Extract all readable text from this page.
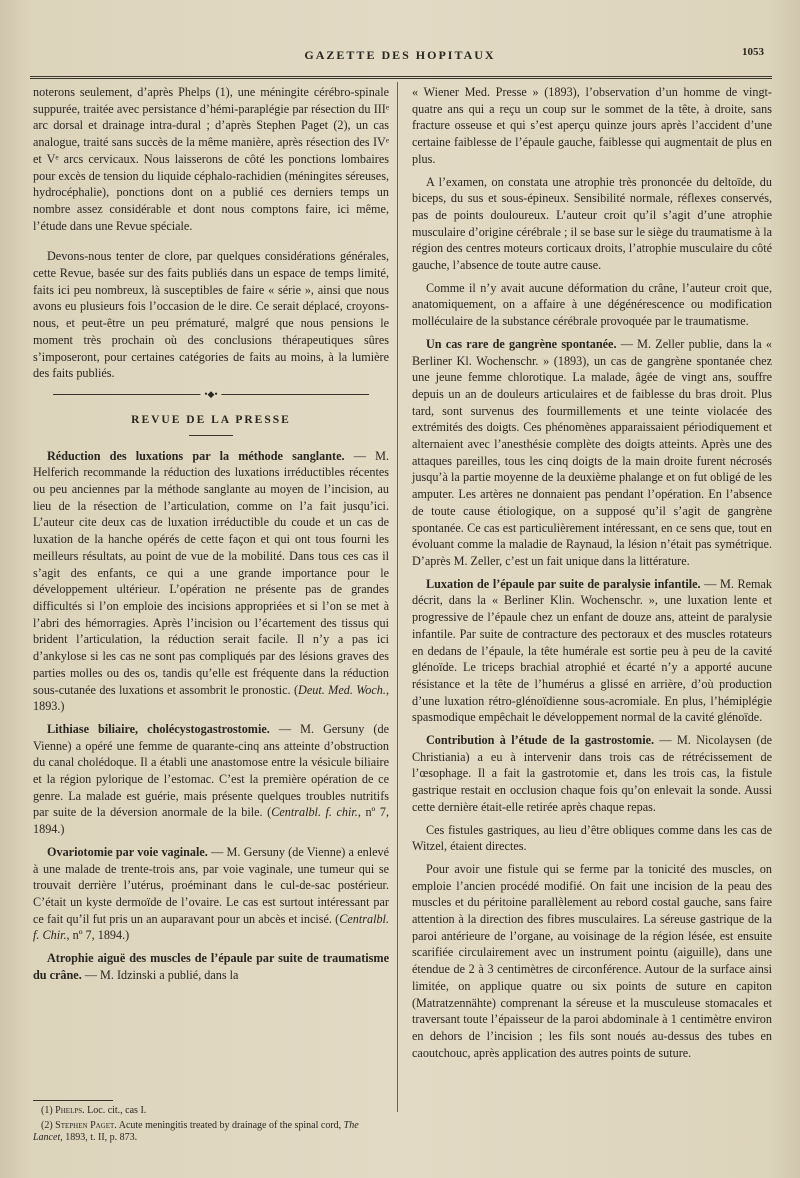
GAZETTE DES HOPITAUX	1053

noterons seulement, d’après Phelps (1), une méningite cérébro-spinale suppurée, traitée avec persistance d’hémi-paraplégie par résection du IIIᵉ arc dorsal et drainage intra-dural ; d’après Stephen Paget (2), un cas analogue, traité sans succès de la même manière, après résection des IVᵉ et Vᵉ arcs cervicaux. Nous laisserons de côté les ponctions lombaires pour excès de tension du liquide céphalo-rachidien (méningites séreuses, hydrocéphalie), ponctions dont on a publié ces derniers temps un nombre assez considérable et dont nous comptons faire, ici même, l’étude dans une Revue spéciale.

Devons-nous tenter de clore, par quelques considérations générales, cette Revue, basée sur des faits publiés dans un espace de temps limité, faits ici peu nombreux, là susceptibles de faire « série », ainsi que nous avons eu plusieurs fois l’occasion de le dire. Ce serait déplacé, croyons-nous, et peut-être un peu prématuré, malgré que nous pensions le moment très prochain où des conclusions thérapeutiques sûres s’imposeront, pour certaines catégories de faits au moins, à la lumière des faits publiés.

•◆•
REVUE DE LA PRESSE

Réduction des luxations par la méthode sanglante. — M. Helferich recommande la réduction des luxations irréductibles récentes ou peu anciennes par la méthode sanglante au moyen de l’incision, au lieu de la résection de l’articulation, comme on l’a fait jusqu’ici. L’auteur cite deux cas de luxation irréductible du coude et un cas de luxation de la hanche opérés de cette façon et qui ont tous fourni les meilleurs résultats, au point de vue de la mobilité. Dans tous ces cas il s’agit des enfants, ce qui a une grande importance pour le développement ultérieur. L’opération ne présente pas de grandes difficultés si l’on emploie des incisions appropriées et si l’on se met à l’abri des hémorragies. Après l’incision ou l’écartement des tissus qui brident l’articulation, la réduction serait facile. Il n’y a pas ici d’ankylose si les cas ne sont pas compliqués par des lésions graves des parties molles ou des os, tandis qu’elle est fréquente dans la réduction sous-cutanée des luxations et assombrit le pronostic. (Deut. Med. Woch., 1893.)

Lithiase biliaire, cholécystogastrostomie. — M. Gersuny (de Vienne) a opéré une femme de quarante-cinq ans atteinte d’obstruction du canal cholédoque. Il a établi une anastomose entre la vésicule biliaire et la région pylorique de l’estomac. C’est la première opération de ce genre. La malade est guérie, mais présente quelques troubles nutritifs par suite de la déversion anormale de la bile. (Centralbl. f. chir., nº 7, 1894.)

Ovariotomie par voie vaginale. — M. Gersuny (de Vienne) a enlevé à une malade de trente-trois ans, par voie vaginale, une tumeur qui se trouvait derrière l’utérus, proéminant dans le cul-de-sac postérieur. C’était un kyste dermoïde de l’ovaire. Le cas est surtout intéressant par ce fait qu’il fut pris un an auparavant pour un abcès et incisé. (Centralbl. f. Chir., nº 7, 1894.)

Atrophie aiguë des muscles de l’épaule par suite de traumatisme du crâne. — M. Idzinski a publié, dans la

« Wiener Med. Presse » (1893), l’observation d’un homme de vingt-quatre ans qui a reçu un coup sur le sommet de la tête, à droite, sans fracture osseuse et qui s’est aperçu quinze jours après l’accident d’une certaine faiblesse de l’épaule gauche, faiblesse qui augmentait de plus en plus.

A l’examen, on constata une atrophie très prononcée du deltoïde, du biceps, du sus et sous-épineux. Sensibilité normale, réflexes conservés, pas de points douloureux. L’auteur croit qu’il s’agit d’une atrophie musculaire d’origine cérébrale ; il se base sur le siège du traumatisme à la région des centres moteurs corticaux droits, l’atrophie musculaire du côté gauche, l’absence de toute autre cause.

Comme il n’y avait aucune déformation du crâne, l’auteur croit que, anatomiquement, on a affaire à une dégénérescence ou modification molléculaire de la substance cérébrale provoquée par le traumatisme.

Un cas rare de gangrène spontanée. — M. Zeller publie, dans la « Berliner Kl. Wochenschr. » (1893), un cas de gangrène spontanée chez une jeune femme chlorotique. La malade, âgée de vingt ans, souffre depuis un an de douleurs articulaires et de faiblesse du bras droit. Plus tard, sont survenus des fourmillements et une teinte violacée des extrémités des doigts. Ces phénomènes apparaissaient périodiquement et alternaient avec l’anesthésie complète des doigts atteints. Après une des attaques pareilles, tous les cinq doigts de la main droite furent nécrosés jusqu’à la partie moyenne de la deuxième phalange et on fut obligé de les amputer. Les artères ne donnaient pas pendant l’opération. En l’absence de toute cause étiologique, on a supposé qu’il s’agit de gangrène spontanée. Ce cas est particulièrement intéressant, en ce sens que, tout en évoluant comme la maladie de Raynaud, la lésion n’était pas symétrique. D’après M. Zeller, c’est un fait unique dans la littérature.

Luxation de l’épaule par suite de paralysie infantile. — M. Remak décrit, dans la « Berliner Klin. Wochenschr. », une luxation lente et progressive de l’épaule chez un enfant de douze ans, atteint de paralysie infantile. Par suite de contracture des pectoraux et des muscles rotateurs en dedans de l’épaule, la tête humérale est sortie peu à peu de la cavité glénoïde. Le triceps brachial atrophié et écarté n’y a apporté aucune résistance et la tête de l’humérus a glissé en arrière, d’où production d’une luxation rétro-glénoïdienne sous-acromiale. En plus, l’hémiplégie spasmodique empêchait le développement normal de la cavité glénoïde.

Contribution à l’étude de la gastrostomie. — M. Nicolaysen (de Christiania) a eu à intervenir dans trois cas de rétrécissement de l’œsophage. Il a fait la gastrotomie et, dans les trois cas, la fistule gastrique restait en occlusion chaque fois qu’on enlevait la sonde. Aussi cette dernière était-elle retirée après chaque repas.

Ces fistules gastriques, au lieu d’être obliques comme dans les cas de Witzel, étaient directes.

Pour avoir une fistule qui se ferme par la tonicité des muscles, on emploie l’ancien procédé modifié. On fait une incision de la peau des muscles et du péritoine parallèlement au rebord costal gauche, sans faire attention à la direction des fibres musculaires. La séreuse gastrique de la paroi antérieure de l’organe, au voisinage de la région lésée, est ensuite scarifiée circulairement avec un instrument pointu (aiguille), dans une étendue de 2 à 3 centimètres de circonférence. Autour de la surface ainsi limitée, on applique quatre ou six points de suture en capiton (Matratzennähte) comprenant la séreuse et la musculeuse stomacales et traversant toute l’épaisseur de la paroi abdominale à 1 centimètre environ en dehors de l’incision ; les fils sont noués au-dessus des tubes en caoutchouc, après application des autres points de suture.

(1) Phelps. Loc. cit., cas I.
(2) Stephen Paget. Acute meningitis treated by drainage of the spinal cord, The Lancet, 1893, t. II, p. 873.
